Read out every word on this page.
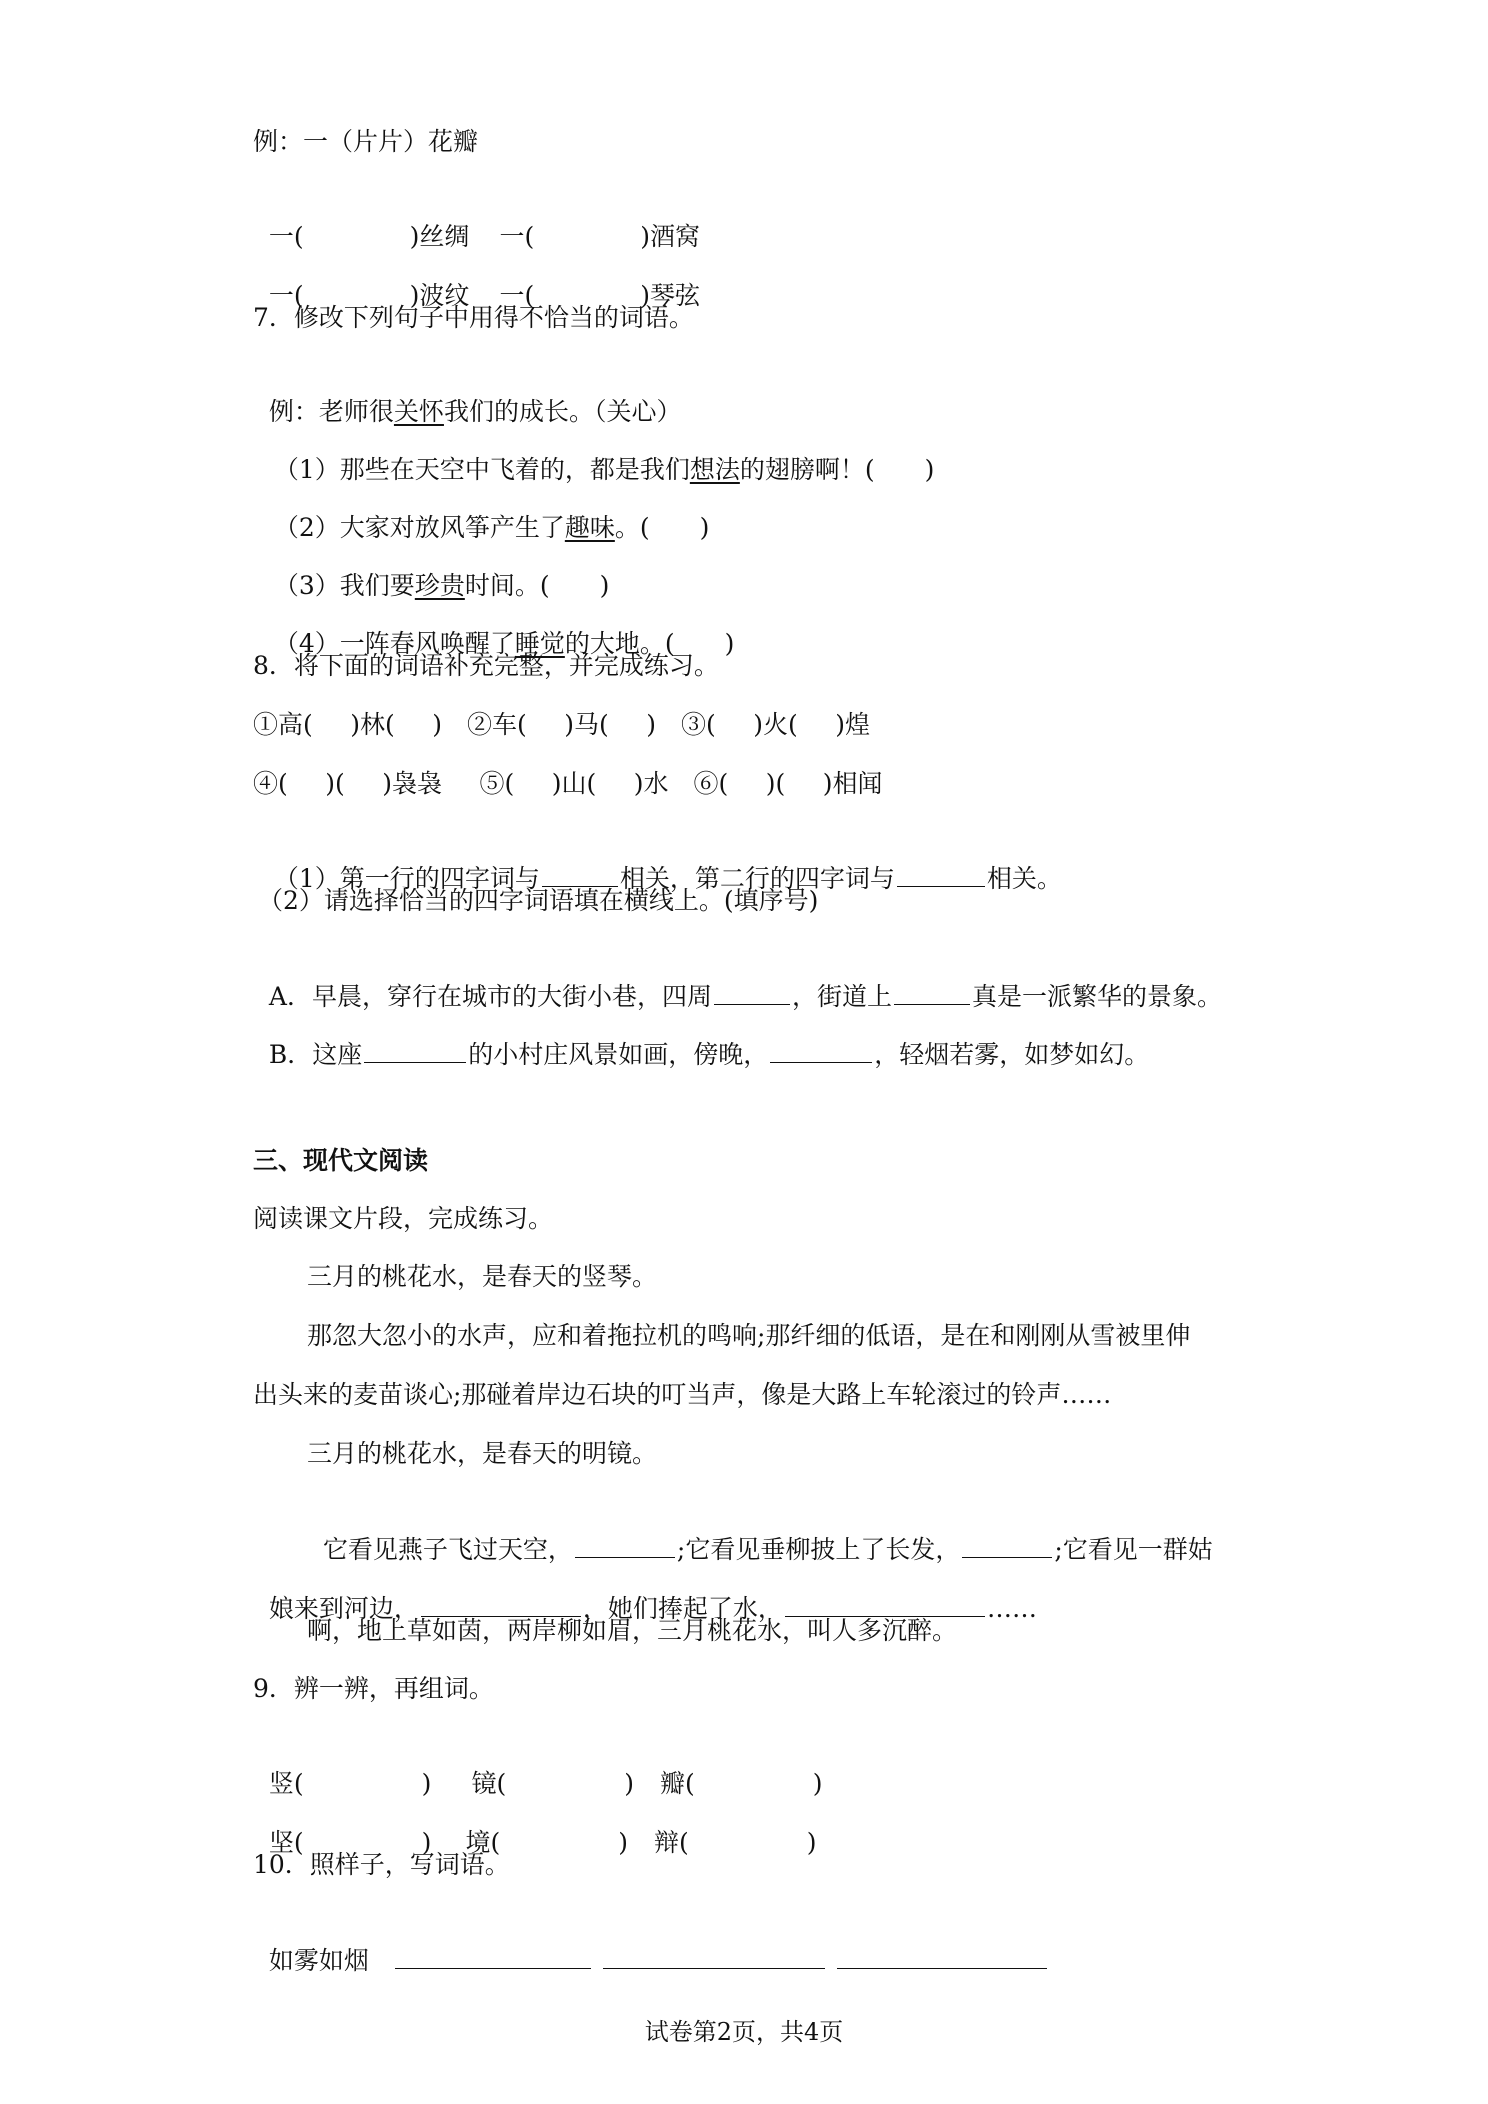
例：一（片片）花瓣

一(	)丝绸 一(	)酒窝

一(	)波纹 一(	)琴弦

7．修改下列句子中用得不恰当的词语。

例：老师很关怀我们的成长。（关心）

（1）那些在天空中飞着的，都是我们想法的翅膀啊！(　　)

（2）大家对放风筝产生了趣味。(　　)

（3）我们要珍贵时间。(　　)

（4）一阵春风唤醒了睡觉的大地。(　　)

8．将下面的词语补充完整，并完成练习。
①高(   )林(   )  ②车(   )马(   )  ③(   )火(   )煌
④(   )(   )袅袅   ⑤(   )山(   )水  ⑥(   )(   )相闻

（1）第一行的四字词与	相关，第二行的四字词与	相关。

（2）请选择恰当的四字词语填在横线上。(填序号)

A．早晨，穿行在城市的大街小巷，四周	，街道上	真是一派繁华的景象。

B．这座	的小村庄风景如画，傍晚，	，轻烟若雾，如梦如幻。

三、现代文阅读
阅读课文片段，完成练习。
三月的桃花水，是春天的竖琴。
那忽大忽小的水声，应和着拖拉机的鸣响;那纤细的低语，是在和刚刚从雪被里伸
出头来的麦苗谈心;那碰着岸边石块的叮当声，像是大路上车轮滚过的铃声……
三月的桃花水，是春天的明镜。

它看见燕子飞过天空，	;它看见垂柳披上了长发，	;它看见一群姑

娘来到河边，	，她们捧起了水，	……

啊，地上草如茵，两岸柳如眉，三月桃花水，叫人多沉醉。
9．辨一辨，再组词。

竖(	) 镜(	) 瓣(	)

坚(	) 境(	) 辩(	)

10．照样子，写词语。

如雾如烟

试卷第2页，共4页
